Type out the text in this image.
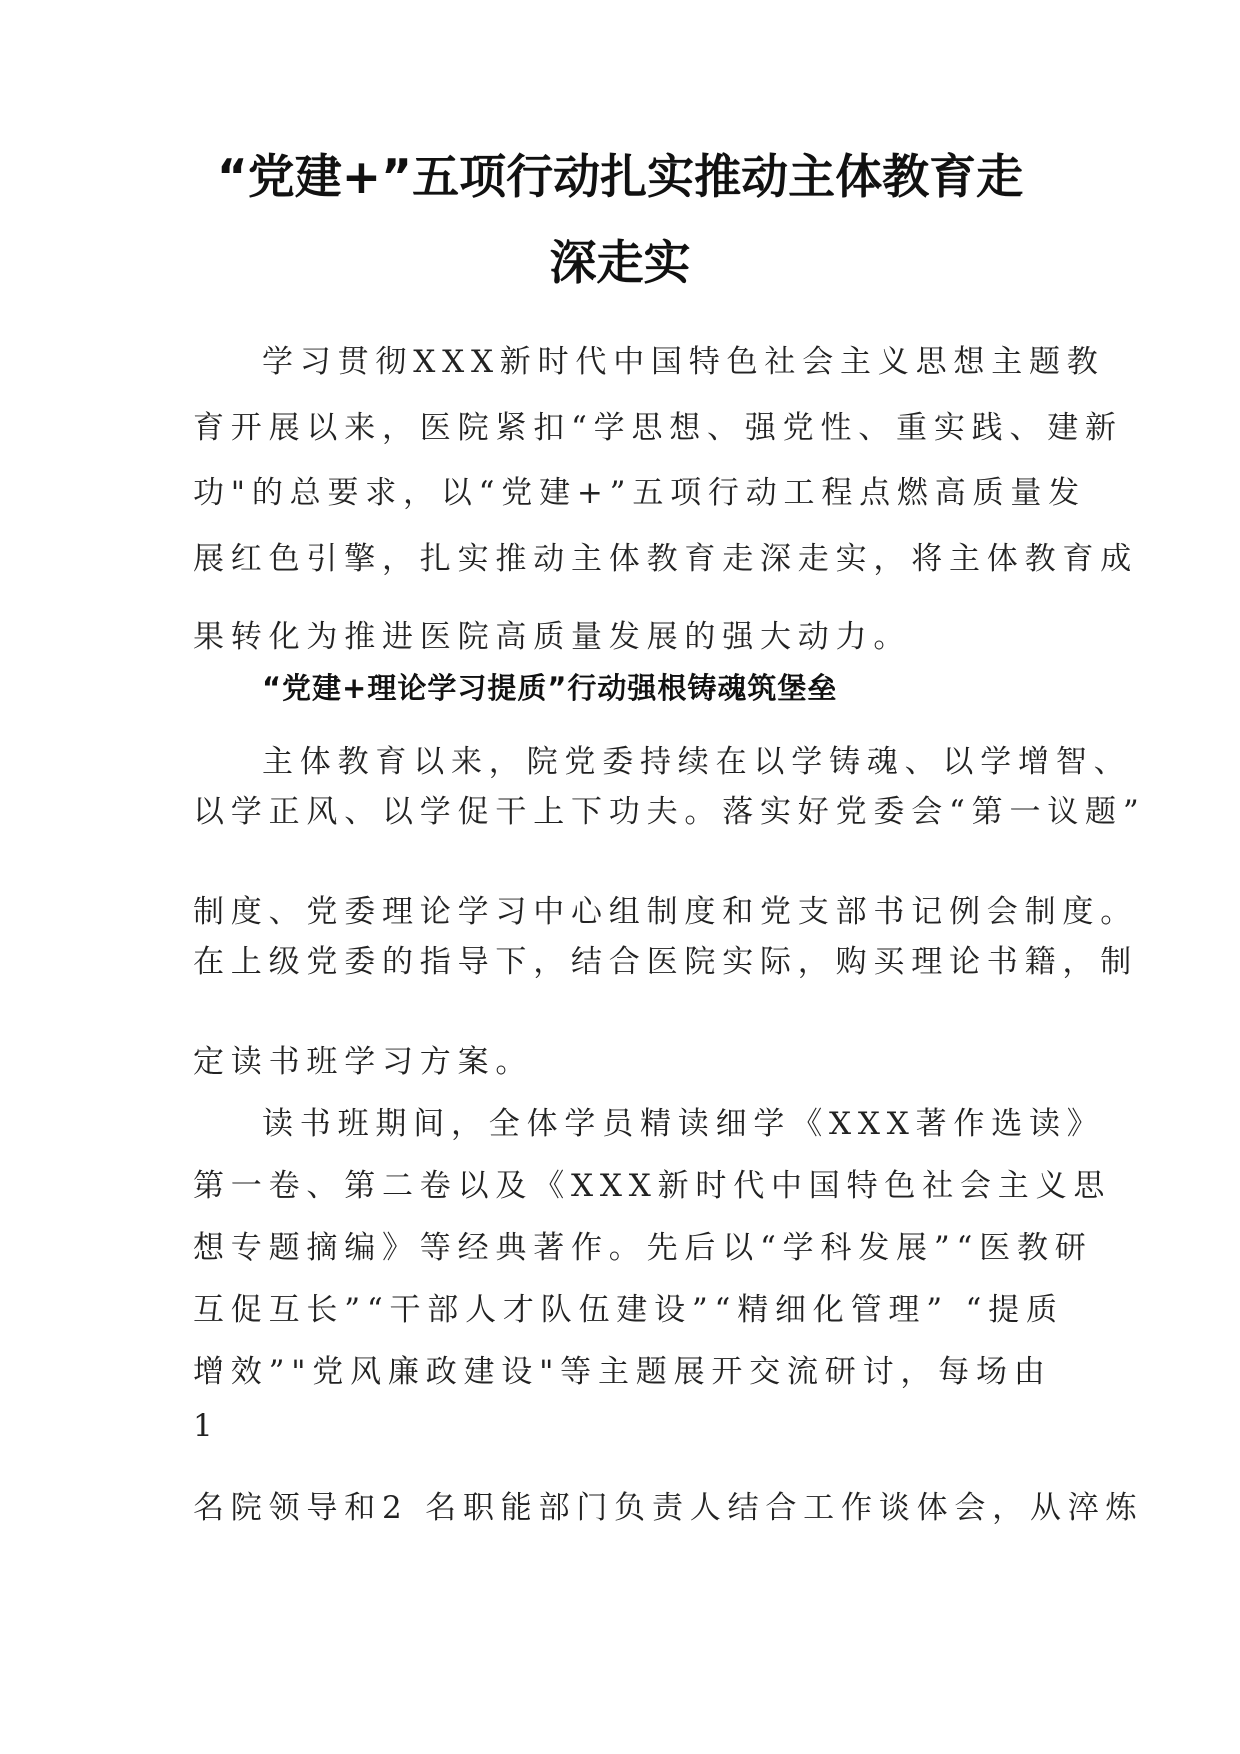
“党建+”五项行动扎实推动主体教育走
深走实
学习贯彻XXX新时代中国特色社会主义思想主题教
育开展以来，医院紧扣“学思想、强党性、重实践、建新
功"的总要求，以“党建+”五项行动工程点燃高质量发
展红色引擎，扎实推动主体教育走深走实，将主体教育成
果转化为推进医院高质量发展的强大动力。
“党建+理论学习提质”行动强根铸魂筑堡垒
主体教育以来，院党委持续在以学铸魂、以学增智、
以学正风、以学促干上下功夫。落实好党委会“第一议题”
制度、党委理论学习中心组制度和党支部书记例会制度。
在上级党委的指导下，结合医院实际，购买理论书籍，制
定读书班学习方案。
读书班期间，全体学员精读细学《XXX著作选读》
第一卷、第二卷以及《XXX新时代中国特色社会主义思
想专题摘编》等经典著作。先后以“学科发展”“医教研
互促互长”“干部人才队伍建设”“精细化管理” “提质
增效”"党风廉政建设"等主题展开交流研讨，每场由
1
名院领导和2 名职能部门负责人结合工作谈体会，从淬炼
